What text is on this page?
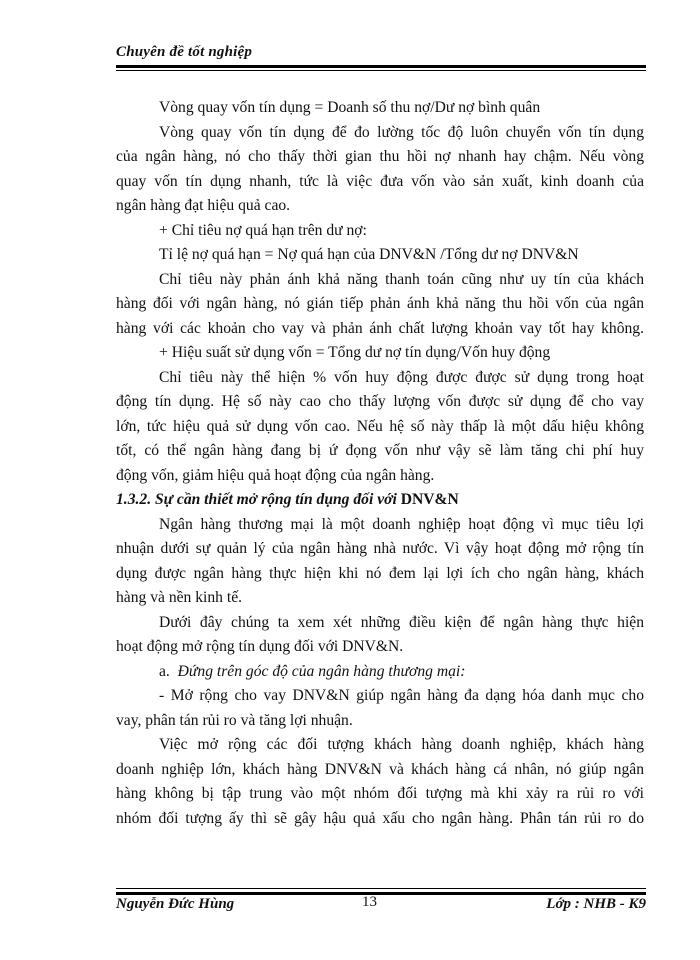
Chuyên đề tốt nghiệp
Vòng quay vốn tín dụng = Doanh số thu nợ/Dư nợ bình quân
Vòng quay vốn tín dụng để đo lường tốc độ luôn chuyển vốn tín dụng
của ngân hàng, nó cho thấy thời gian thu hồi nợ nhanh hay chậm. Nếu vòng
quay vốn tín dụng nhanh, tức là việc đưa vốn vào sản xuất, kinh doanh của
ngân hàng đạt hiệu quả cao.
+ Chỉ tiêu nợ quá hạn trên dư nợ:
Tỉ lệ nợ quá hạn = Nợ quá hạn của DNV&N /Tổng dư nợ DNV&N
Chỉ tiêu này phản ánh khả năng thanh toán cũng như uy tín của khách
hàng đối với ngân hàng, nó gián tiếp phản ánh khả năng thu hồi vốn của ngân
hàng với các khoản cho vay và phản ánh chất lượng khoản vay tốt hay không.
+ Hiệu suất sử dụng vốn = Tổng dư nợ tín dụng/Vốn huy động
Chỉ tiêu này thể hiện % vốn huy động được được sử dụng trong hoạt
động tín dụng. Hệ số này cao cho thấy lượng vốn được sử dụng để cho vay
lớn, tức hiệu quả sử dụng vốn cao. Nếu hệ số này thấp là một dấu hiệu không
tốt, có thể ngân hàng đang bị ứ đọng vốn như vậy sẽ làm tăng chi phí huy
động vốn, giảm hiệu quả hoạt động của ngân hàng.
1.3.2. Sự cần thiết mở rộng tín dụng đối với DNV&N
Ngân hàng thương mại là một doanh nghiệp hoạt động vì mục tiêu lợi
nhuận dưới sự quản lý của ngân hàng nhà nước. Vì vậy hoạt động mở rộng tín
dụng được ngân hàng thực hiện khi nó đem lại lợi ích cho ngân hàng, khách
hàng và nền kinh tế.
Dưới đây chúng ta xem xét những điều kiện để ngân hàng thực hiện
hoạt động mở rộng tín dụng đối với DNV&N.
a.  Đứng trên góc độ của ngân hàng thương mại:
- Mở rộng cho vay DNV&N giúp ngân hàng đa dạng hóa danh mục cho
vay, phân tán rủi ro và tăng lợi nhuận.
Việc mở rộng các đối tượng khách hàng doanh nghiệp, khách hàng
doanh nghiệp lớn, khách hàng DNV&N và khách hàng cá nhân, nó giúp ngân
hàng không bị tập trung vào một nhóm đối tượng mà khi xảy ra rủi ro với
nhóm đối tượng ấy thì sẽ gây hậu quả xấu cho ngân hàng. Phân tán rủi ro do
Nguyễn Đức Hùng	13	Lớp : NHB - K9
